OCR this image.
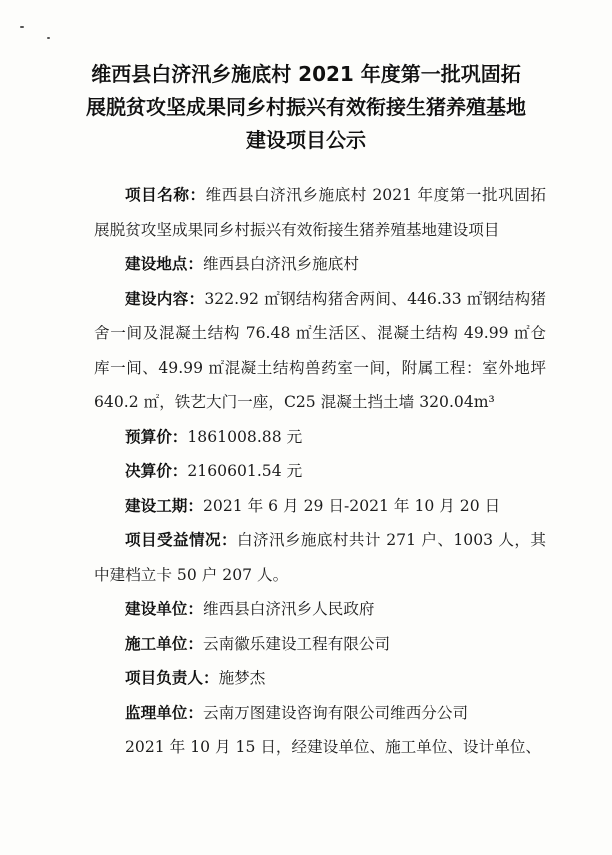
维西县白济汛乡施底村 2021 年度第一批巩固拓展脱贫攻坚成果同乡村振兴有效衔接生猪养殖基地建设项目公示

项目名称：维西县白济汛乡施底村 2021 年度第一批巩固拓展脱贫攻坚成果同乡村振兴有效衔接生猪养殖基地建设项目

建设地点：维西县白济汛乡施底村

建设内容：322.92 ㎡钢结构猪舍两间、446.33 ㎡钢结构猪舍一间及混凝土结构 76.48 ㎡生活区、混凝土结构 49.99 ㎡仓库一间、49.99 ㎡混凝土结构兽药室一间，附属工程：室外地坪 640.2 ㎡，铁艺大门一座，C25 混凝土挡土墙 320.04m³

预算价：1861008.88 元

决算价：2160601.54 元

建设工期：2021 年 6 月 29 日-2021 年 10 月 20 日

项目受益情况：白济汛乡施底村共计 271 户、1003 人，其中建档立卡 50 户 207 人。

建设单位：维西县白济汛乡人民政府

施工单位：云南徽乐建设工程有限公司

项目负责人：施梦杰

监理单位：云南万图建设咨询有限公司维西分公司

2021 年 10 月 15 日，经建设单位、施工单位、设计单位、
